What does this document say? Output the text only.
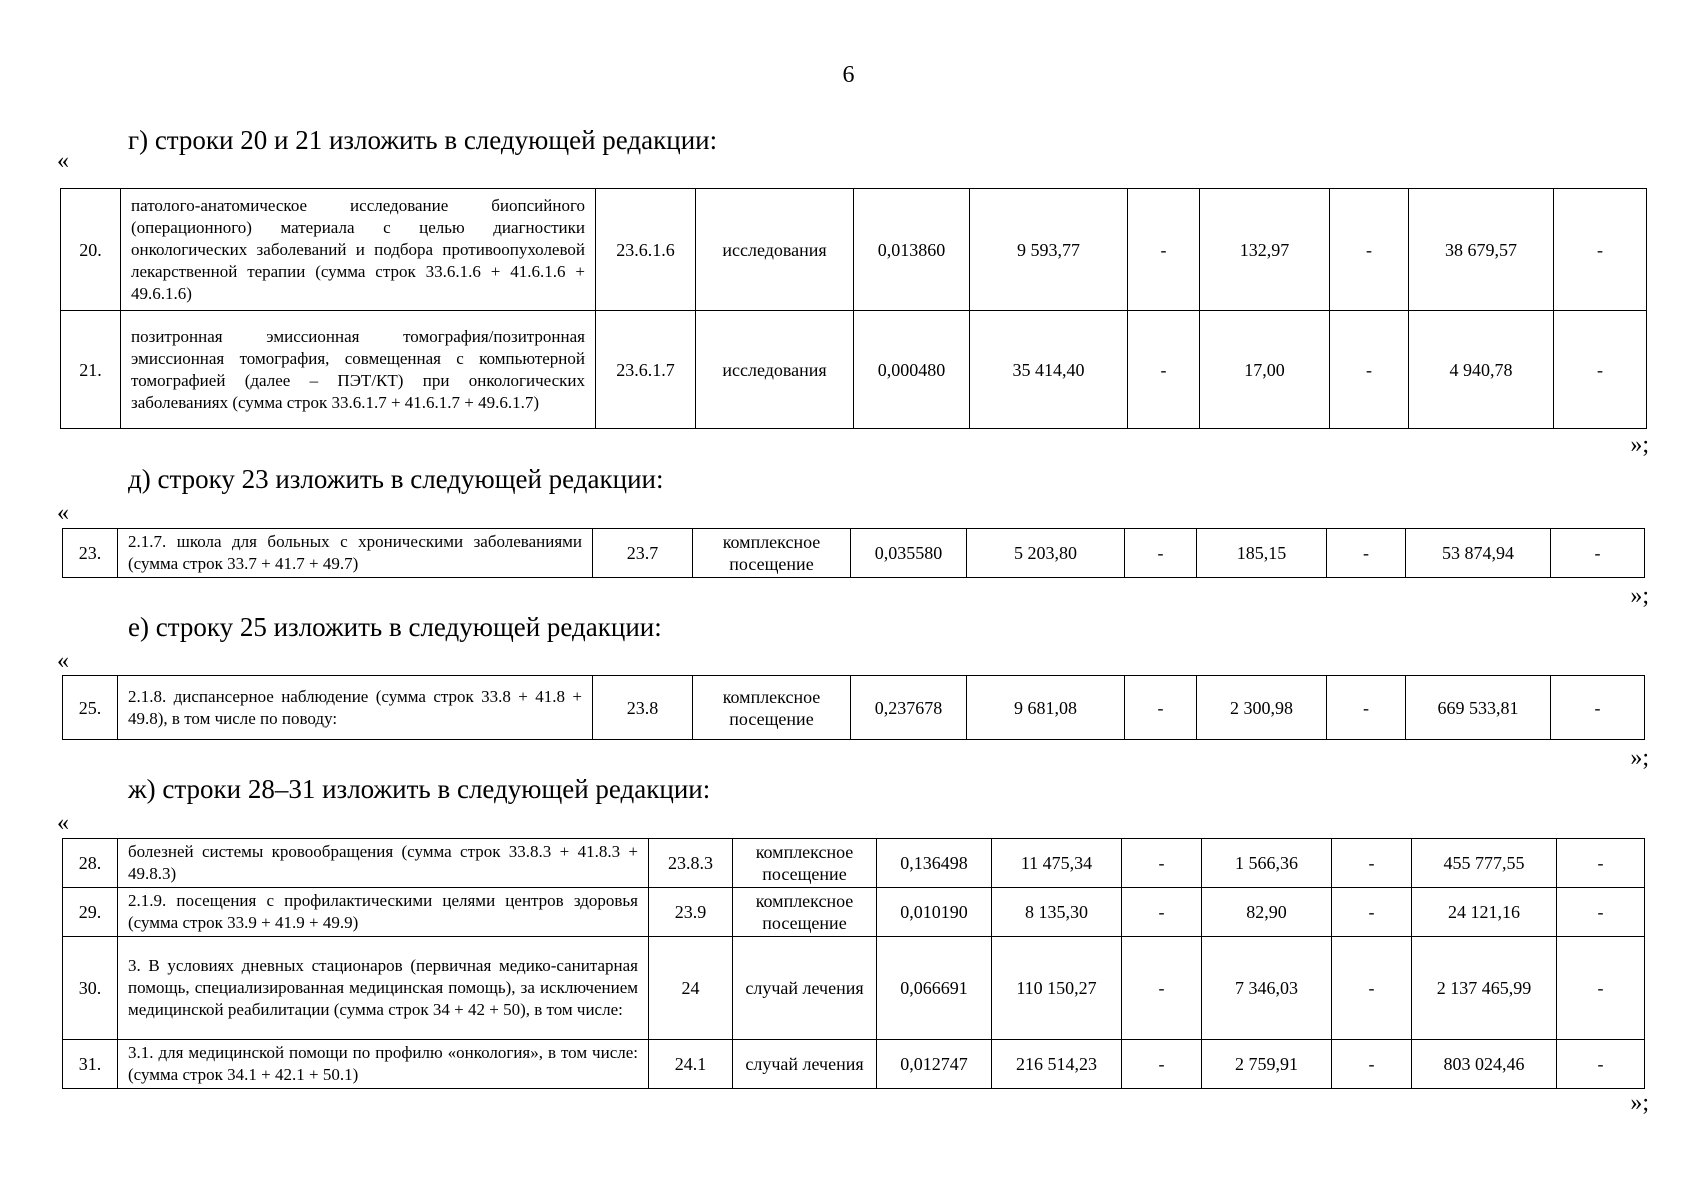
6
г) строки 20 и 21 изложить в следующей редакции:
«
20.	патолого-анатомическое исследование биопсийного (операционного) материала с целью диагностики онкологических заболеваний и подбора противоопухолевой лекарственной терапии (сумма строк 33.6.1.6 + 41.6.1.6 + 49.6.1.6)	23.6.1.6	исследования	0,013860	9 593,77	-	132,97	-	38 679,57	-
21.	позитронная эмиссионная томография/позитронная эмиссионная томография, совмещенная с компьютерной томографией (далее – ПЭТ/КТ) при онкологических заболеваниях (сумма строк 33.6.1.7 + 41.6.1.7 + 49.6.1.7)	23.6.1.7	исследования	0,000480	35 414,40	-	17,00	-	4 940,78	-
»;
д) строку 23 изложить в следующей редакции:
«
23.	2.1.7. школа для больных с хроническими заболеваниями (сумма строк 33.7 + 41.7 + 49.7)	23.7	комплексное посещение	0,035580	5 203,80	-	185,15	-	53 874,94	-
»;
е) строку 25 изложить в следующей редакции:
«
25.	2.1.8. диспансерное наблюдение (сумма строк 33.8 + 41.8 + 49.8), в том числе по поводу:	23.8	комплексное посещение	0,237678	9 681,08	-	2 300,98	-	669 533,81	-
»;
ж) строки 28–31 изложить в следующей редакции:
«
28.	болезней системы кровообращения (сумма строк 33.8.3 + 41.8.3 + 49.8.3)	23.8.3	комплексное посещение	0,136498	11 475,34	-	1 566,36	-	455 777,55	-
29.	2.1.9. посещения с профилактическими целями центров здоровья (сумма строк 33.9 + 41.9 + 49.9)	23.9	комплексное посещение	0,010190	8 135,30	-	82,90	-	24 121,16	-
30.	3. В условиях дневных стационаров (первичная медико-санитарная помощь, специализированная медицинская помощь), за исключением медицинской реабилитации (сумма строк 34 + 42 + 50), в том числе:	24	случай лечения	0,066691	110 150,27	-	7 346,03	-	2 137 465,99	-
31.	3.1. для медицинской помощи по профилю «онкология», в том числе: (сумма строк 34.1 + 42.1 + 50.1)	24.1	случай лечения	0,012747	216 514,23	-	2 759,91	-	803 024,46	-
»;
